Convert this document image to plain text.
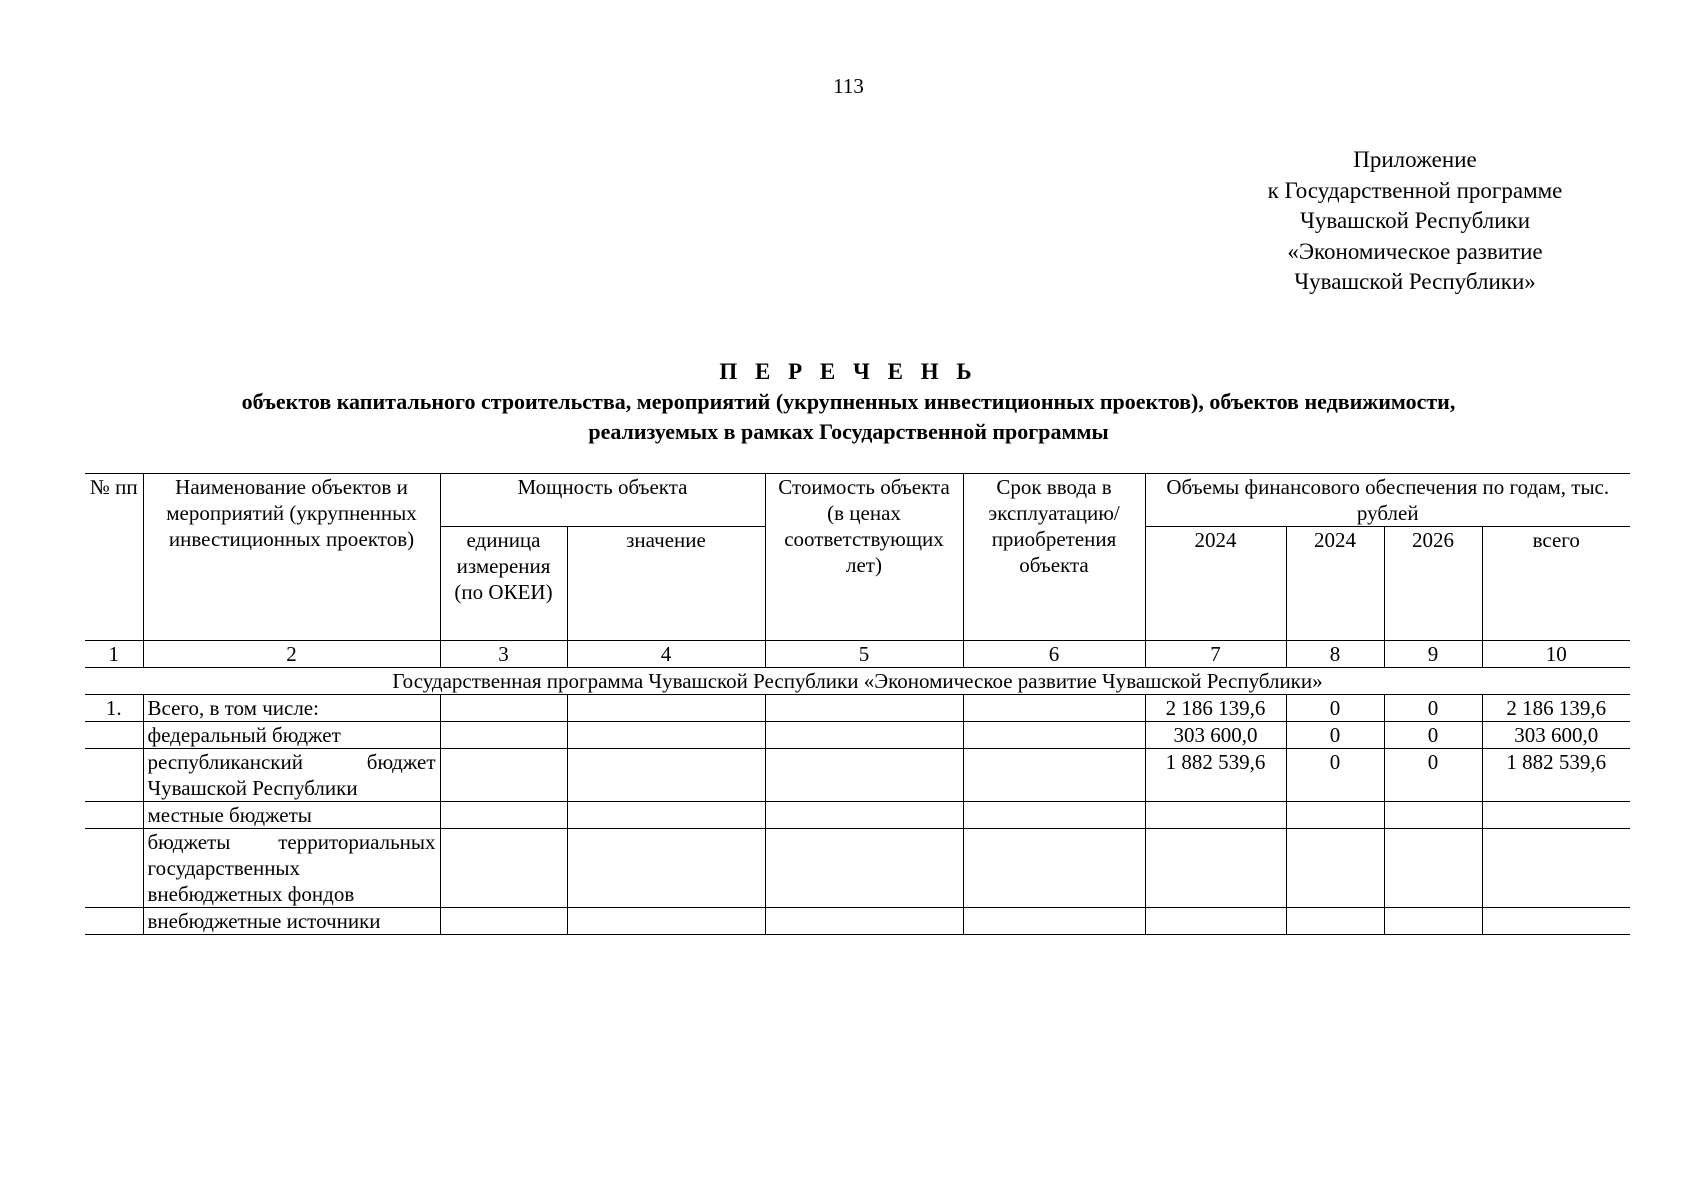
113
Приложение
к Государственной программе
Чувашской Республики
«Экономическое развитие
Чувашской Республики»
П Е Р Е Ч Е Н Ь
объектов капитального строительства, мероприятий (укрупненных инвестиционных проектов), объектов недвижимости,
реализуемых в рамках Государственной программы
№ пп	Наименование объектов и мероприятий (укрупненных инвестиционных проектов)	Мощность объекта		Стоимость объекта (в ценах соответствующих лет)	Срок ввода в эксплуатацию/приобретения объекта	Объемы финансового обеспечения по годам, тыс. рублей			
						2024	2024	2026	всего
		единица измерения (по ОКЕИ)	значение						
1	2	3	4	5	6	7	8	9	10
Государственная программа Чувашской Республики «Экономическое развитие Чувашской Республики»									
1.	Всего, в том числе:					2 186 139,6	0	0	2 186 139,6
	федеральный бюджет					303 600,0	0	0	303 600,0
	республиканский бюджет Чувашской Республики					1 882 539,6	0	0	1 882 539,6
	местные бюджеты								
	бюджеты территориальных государственных внебюджетных фондов								
	внебюджетные источники								
